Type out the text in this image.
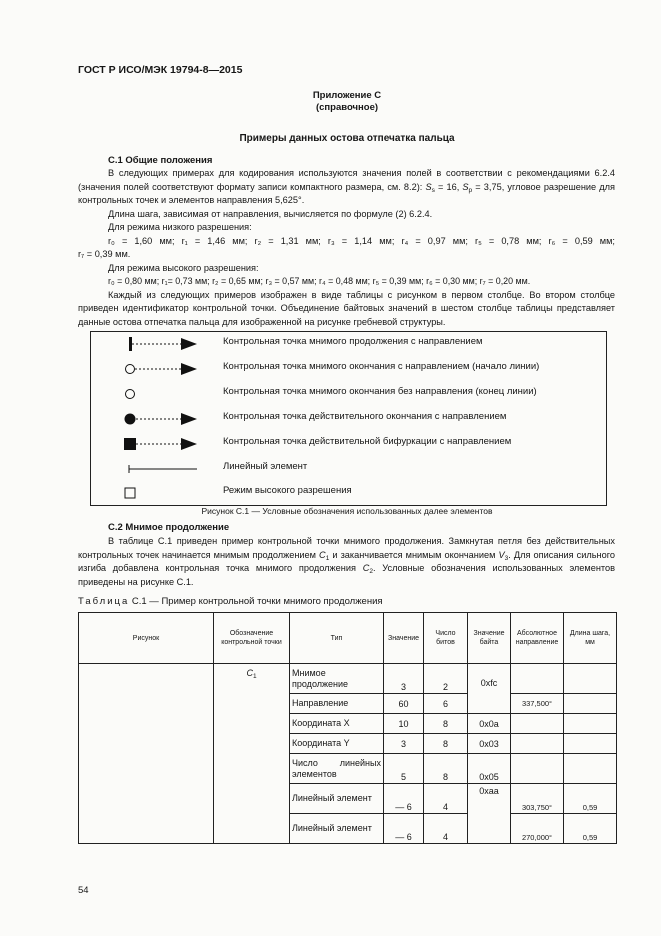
ГОСТ Р ИСО/МЭК 19794-8—2015
Приложение С
(справочное)
Примеры данных остова отпечатка пальца
С.1 Общие положения

В следующих примерах для кодирования используются значения полей в соответствии с рекомендациями 6.2.4 (значения полей соответствуют формату записи компактного размера, см. 8.2): $S_s = 16$, $S_p = 3,75$, угловое разрешение для контрольных точек и элементов направления 5,625°.

Длина шага, зависимая от направления, вычисляется по формуле (2) 6.2.4.

Для режима низкого разрешения:

r₀ = 1,60 мм; r₁ = 1,46 мм; r₂ = 1,31 мм; r₃ = 1,14 мм; r₄ = 0,97 мм; r₅ = 0,78 мм; r₆ = 0,59 мм;

r₇ = 0,39 мм.

Для режима высокого разрешения:

r₀ = 0,80 мм; r₁= 0,73 мм; r₂ = 0,65 мм; r₃ = 0,57 мм; r₄ = 0,48 мм; r₅ = 0,39 мм; r₆ = 0,30 мм; r₇ = 0,20 мм.

Каждый из следующих примеров изображен в виде таблицы с рисунком в первом столбце. Во втором столбце приведен идентификатор контрольной точки. Объединение байтовых значений в шестом столбце таблицы представляет данные остова отпечатка пальца для изображенной на рисунке гребневой структуры.

Контрольная точка мнимого продолжения с направлением
Контрольная точка мнимого окончания с направлением (начало линии)
Контрольная точка мнимого окончания без направления (конец линии)
Контрольная точка действительного окончания с направлением
Контрольная точка действительной бифуркации с направлением
Линейный элемент
Режим высокого разрешения
Рисунок С.1 — Условные обозначения использованных далее элементов
С.2 Мнимое продолжение

В таблице С.1 приведен пример контрольной точки мнимого продолжения. Замкнутая петля без действительных контрольных точек начинается мнимым продолжением $C_1$ и заканчивается мнимым окончанием $V_3$. Для описания сильного изгиба добавлена контрольная точка мнимого продолжения $C_2$. Условные обозначения использованных элементов приведены на рисунке С.1.

Таблица С.1 — Пример контрольной точки мнимого продолжения
Рисунок	Обозначение контрольной точки	Тип	Значение	Число битов	Значение байта	Абсолютное направление	Длина шага, мм
	$C_1$	Мнимое продолжение	3	2	0xfc		
		Направление	60	6		337,500°	
		Координата X	10	8	0x0a		
		Координата Y	3	8	0x03		
		Число линейных элементов	5	8	0x05		
		Линейный элемент	— 6	4	0xaa	303,750°	0,59
		Линейный элемент	— 6	4		270,000°	0,59
54
